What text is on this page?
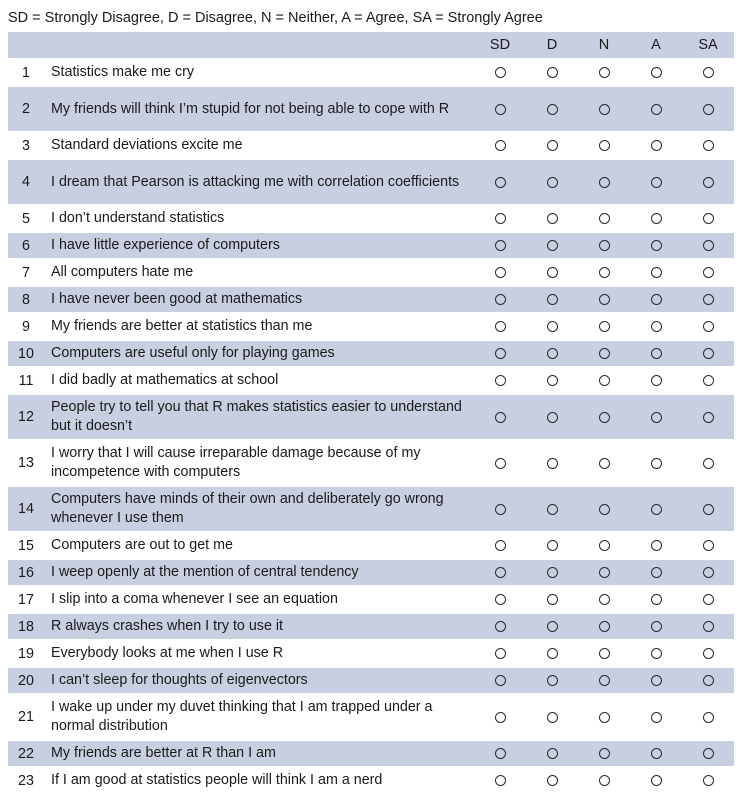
SD = Strongly Disagree, D = Disagree, N = Neither, A = Agree, SA = Strongly Agree
		SD	D	N	A	SA
1	Statistics make me cry					
2	My friends will think I’m stupid for not being able to cope with R					
3	Standard deviations excite me					
4	I dream that Pearson is attacking me with correlation coefficients					
5	I don’t understand statistics					
6	I have little experience of computers					
7	All computers hate me					
8	I have never been good at mathematics					
9	My friends are better at statistics than me					
10	Computers are useful only for playing games					
11	I did badly at mathematics at school					
12	People try to tell you that R makes statistics easier to understand but it doesn’t					
13	I worry that I will cause irreparable damage because of my incompetence with computers					
14	Computers have minds of their own and deliberately go wrong whenever I use them					
15	Computers are out to get me					
16	I weep openly at the mention of central tendency					
17	I slip into a coma whenever I see an equation					
18	R always crashes when I try to use it					
19	Everybody looks at me when I use R					
20	I can’t sleep for thoughts of eigenvectors					
21	I wake up under my duvet thinking that I am trapped under a normal distribution					
22	My friends are better at R than I am					
23	If I am good at statistics people will think I am a nerd					
